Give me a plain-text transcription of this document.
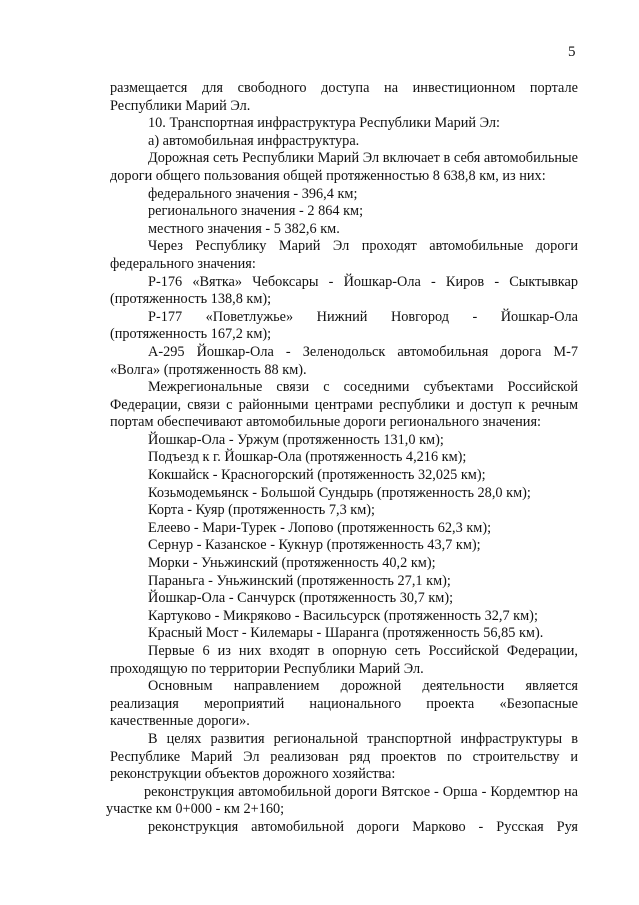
5

размещается для свободного доступа на инвестиционном портале Республики Марий Эл.

10. Транспортная инфраструктура Республики Марий Эл:

а) автомобильная инфраструктура.

Дорожная сеть Республики Марий Эл включает в себя автомобильные дороги общего пользования общей протяженностью 8 638,8 км, из них:

федерального значения - 396,4 км;

регионального значения - 2 864 км;

местного значения - 5 382,6 км.

Через Республику Марий Эл проходят автомобильные дороги федерального значения:

Р-176 «Вятка» Чебоксары - Йошкар-Ола - Киров - Сыктывкар (протяженность 138,8 км);

Р-177 «Поветлужье» Нижний Новгород - Йошкар-Ола (протяженность 167,2 км);

А-295 Йошкар-Ола - Зеленодольск автомобильная дорога М-7 «Волга» (протяженность 88 км).

Межрегиональные связи с соседними субъектами Российской Федерации, связи с районными центрами республики и доступ к речным портам обеспечивают автомобильные дороги регионального значения:

Йошкар-Ола - Уржум (протяженность 131,0 км);

Подъезд к г. Йошкар-Ола (протяженность 4,216 км);

Кокшайск - Красногорский (протяженность 32,025 км);

Козьмодемьянск - Большой Сундырь (протяженность 28,0 км);

Корта - Куяр (протяженность 7,3 км);

Елеево - Мари-Турек - Лопово (протяженность 62,3 км);

Сернур - Казанское - Кукнур (протяженность 43,7 км);

Морки - Уньжинский (протяженность 40,2 км);

Параньга - Уньжинский (протяженность 27,1 км);

Йошкар-Ола - Санчурск (протяженность 30,7 км);

Картуково - Микряково - Васильсурск (протяженность 32,7 км);

Красный Мост - Килемары - Шаранга (протяженность 56,85 км).

Первые 6 из них входят в опорную сеть Российской Федерации, проходящую по территории Республики Марий Эл.

Основным направлением дорожной деятельности является реализация мероприятий национального проекта «Безопасные качественные дороги».

В целях развития региональной транспортной инфраструктуры в Республике Марий Эл реализован ряд проектов по строительству и реконструкции объектов дорожного хозяйства:

реконструкция автомобильной дороги Вятское - Орша - Кордемтюр на участке км 0+000 - км 2+160;

реконструкция автомобильной дороги Марково - Русская Руя
